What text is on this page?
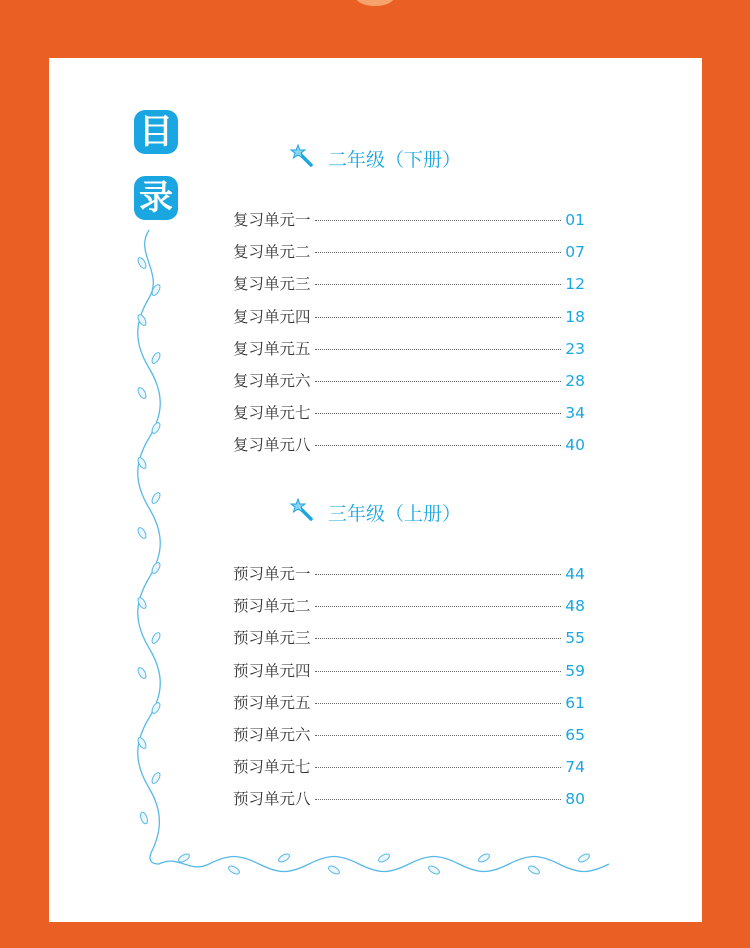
目
录
二年级（下册）
复习单元一	01
复习单元二	07
复习单元三	12
复习单元四	18
复习单元五	23
复习单元六	28
复习单元七	34
复习单元八	40
三年级（上册）
预习单元一	44
预习单元二	48
预习单元三	55
预习单元四	59
预习单元五	61
预习单元六	65
预习单元七	74
预习单元八	80
